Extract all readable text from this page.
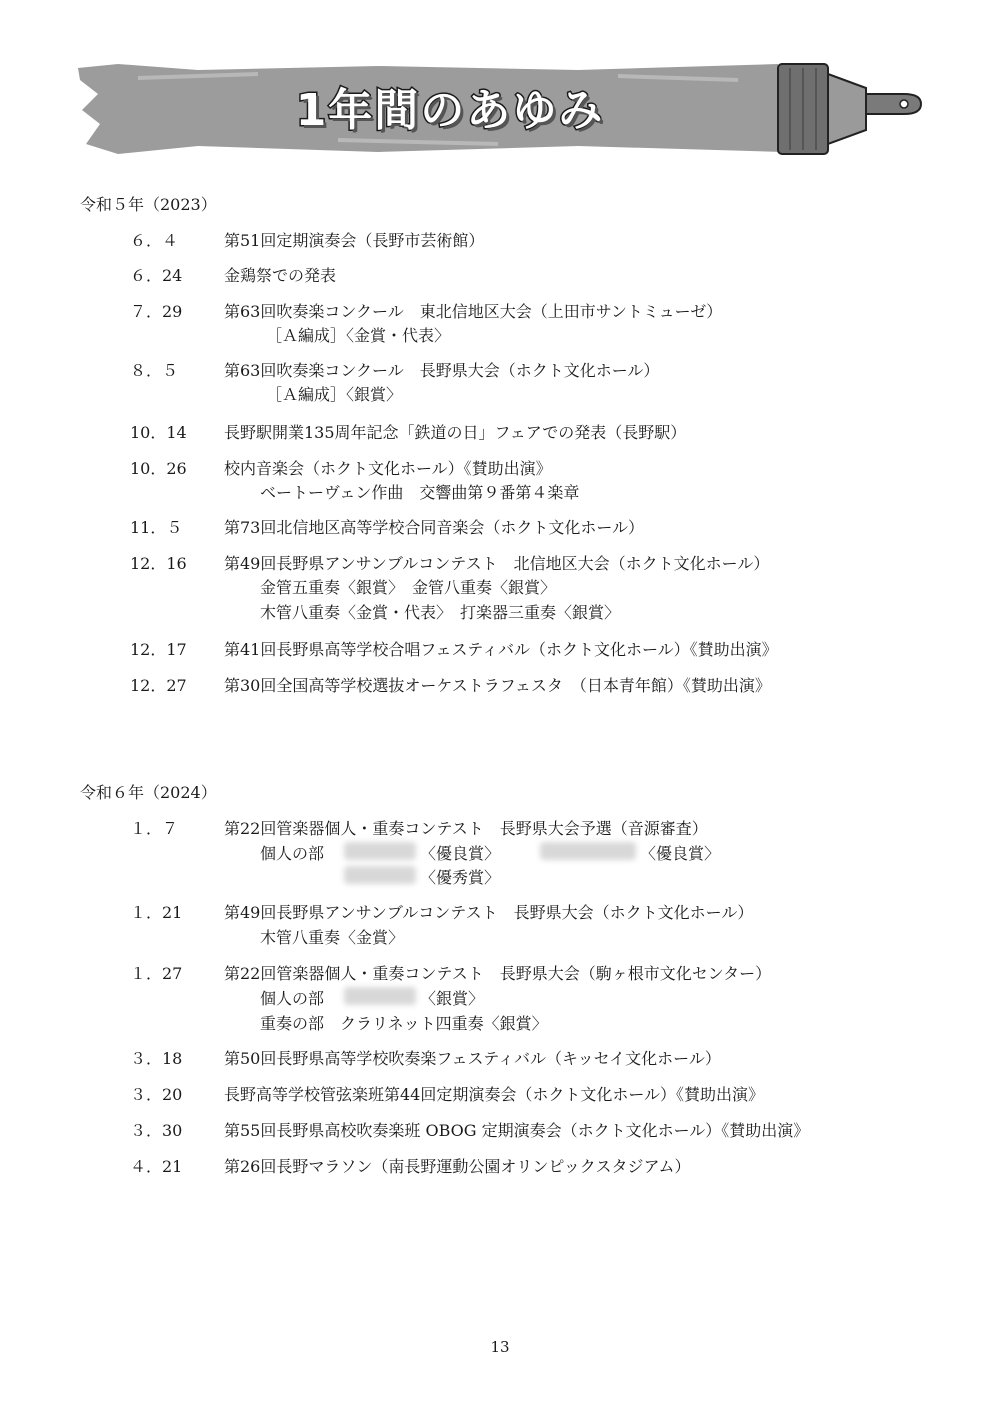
1年間のあゆみ
令和５年（2023）
６．４	第51回定期演奏会（長野市芸術館）
６．24	金鶏祭での発表
７．29	第63回吹奏楽コンクール　東北信地区大会（上田市サントミューゼ）
［Ａ編成］〈金賞・代表〉
８．５	第63回吹奏楽コンクール　長野県大会（ホクト文化ホール）
［Ａ編成］〈銀賞〉
10．14	長野駅開業135周年記念「鉄道の日」フェアでの発表（長野駅）
10．26	校内音楽会（ホクト文化ホール）《賛助出演》
ベートーヴェン作曲　交響曲第９番第４楽章
11．５	第73回北信地区高等学校合同音楽会（ホクト文化ホール）
12．16	第49回長野県アンサンブルコンテスト　北信地区大会（ホクト文化ホール）
金管五重奏〈銀賞〉　金管八重奏〈銀賞〉
木管八重奏〈金賞・代表〉　打楽器三重奏〈銀賞〉
12．17	第41回長野県高等学校合唱フェスティバル（ホクト文化ホール）《賛助出演》
12．27	第30回全国高等学校選抜オーケストラフェスタ　（日本青年館）《賛助出演》
令和６年（2024）
１．７	第22回管楽器個人・重奏コンテスト　長野県大会予選（音源審査）
個人の部	〈優良賞〉	〈優良賞〉
〈優秀賞〉
１．21	第49回長野県アンサンブルコンテスト　長野県大会（ホクト文化ホール）
木管八重奏〈金賞〉
１．27	第22回管楽器個人・重奏コンテスト　長野県大会（駒ヶ根市文化センター）
個人の部	〈銀賞〉
重奏の部　クラリネット四重奏〈銀賞〉
３．18	第50回長野県高等学校吹奏楽フェスティバル（キッセイ文化ホール）
３．20	長野高等学校管弦楽班第44回定期演奏会（ホクト文化ホール）《賛助出演》
３．30	第55回長野県高校吹奏楽班 OBOG 定期演奏会（ホクト文化ホール）《賛助出演》
４．21	第26回長野マラソン（南長野運動公園オリンピックスタジアム）
13
